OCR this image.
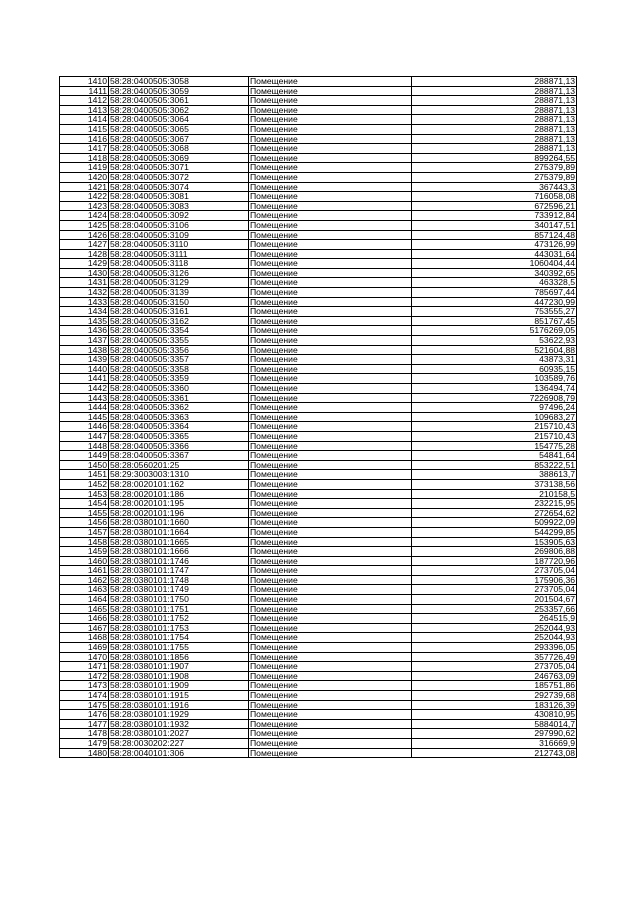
1410	58:28:0400505:3058	Помещение	288871,13
1411	58:28:0400505:3059	Помещение	288871,13
1412	58:28:0400505:3061	Помещение	288871,13
1413	58:28:0400505:3062	Помещение	288871,13
1414	58:28:0400505:3064	Помещение	288871,13
1415	58:28:0400505:3065	Помещение	288871,13
1416	58:28:0400505:3067	Помещение	288871,13
1417	58:28:0400505:3068	Помещение	288871,13
1418	58:28:0400505:3069	Помещение	899264,55
1419	58:28:0400505:3071	Помещение	275379,89
1420	58:28:0400505:3072	Помещение	275379,89
1421	58:28:0400505:3074	Помещение	367443,3
1422	58:28:0400505:3081	Помещение	716058,08
1423	58:28:0400505:3083	Помещение	672596,21
1424	58:28:0400505:3092	Помещение	733912,84
1425	58:28:0400505:3106	Помещение	340147,51
1426	58:28:0400505:3109	Помещение	857124,48
1427	58:28:0400505:3110	Помещение	473126,99
1428	58:28:0400505:3111	Помещение	443031,64
1429	58:28:0400505:3118	Помещение	1060404,44
1430	58:28:0400505:3126	Помещение	340392,65
1431	58:28:0400505:3129	Помещение	463328,5
1432	58:28:0400505:3139	Помещение	785697,44
1433	58:28:0400505:3150	Помещение	447230,99
1434	58:28:0400505:3161	Помещение	753555,27
1435	58:28:0400505:3162	Помещение	851767,45
1436	58:28:0400505:3354	Помещение	5176269,05
1437	58:28:0400505:3355	Помещение	53622,93
1438	58:28:0400505:3356	Помещение	521604,88
1439	58:28:0400505:3357	Помещение	43873,31
1440	58:28:0400505:3358	Помещение	60935,15
1441	58:28:0400505:3359	Помещение	103589,76
1442	58:28:0400505:3360	Помещение	136494,74
1443	58:28:0400505:3361	Помещение	7226908,79
1444	58:28:0400505:3362	Помещение	97496,24
1445	58:28:0400505:3363	Помещение	109683,27
1446	58:28:0400505:3364	Помещение	215710,43
1447	58:28:0400505:3365	Помещение	215710,43
1448	58:28:0400505:3366	Помещение	154775,28
1449	58:28:0400505:3367	Помещение	54841,64
1450	58:28:0560201:25	Помещение	853222,51
1451	58:29:3003003:1310	Помещение	388613,7
1452	58:28:0020101:162	Помещение	373138,56
1453	58:28:0020101:186	Помещение	210158,5
1454	58:28:0020101:195	Помещение	232215,95
1455	58:28:0020101:196	Помещение	272654,62
1456	58:28:0380101:1660	Помещение	509922,09
1457	58:28:0380101:1664	Помещение	544299,85
1458	58:28:0380101:1665	Помещение	153905,63
1459	58:28:0380101:1666	Помещение	269806,88
1460	58:28:0380101:1746	Помещение	187720,96
1461	58:28:0380101:1747	Помещение	273705,04
1462	58:28:0380101:1748	Помещение	175906,36
1463	58:28:0380101:1749	Помещение	273705,04
1464	58:28:0380101:1750	Помещение	201504,67
1465	58:28:0380101:1751	Помещение	253357,66
1466	58:28:0380101:1752	Помещение	264515,9
1467	58:28:0380101:1753	Помещение	252044,93
1468	58:28:0380101:1754	Помещение	252044,93
1469	58:28:0380101:1755	Помещение	293396,05
1470	58:28:0380101:1856	Помещение	357726,49
1471	58:28:0380101:1907	Помещение	273705,04
1472	58:28:0380101:1908	Помещение	246763,09
1473	58:28:0380101:1909	Помещение	185751,86
1474	58:28:0380101:1915	Помещение	292739,68
1475	58:28:0380101:1916	Помещение	183126,39
1476	58:28:0380101:1929	Помещение	430810,95
1477	58:28:0380101:1932	Помещение	5884014,7
1478	58:28:0380101:2027	Помещение	297990,62
1479	58:28:0030202:227	Помещение	316669,9
1480	58:28:0040101:306	Помещение	212743,08
